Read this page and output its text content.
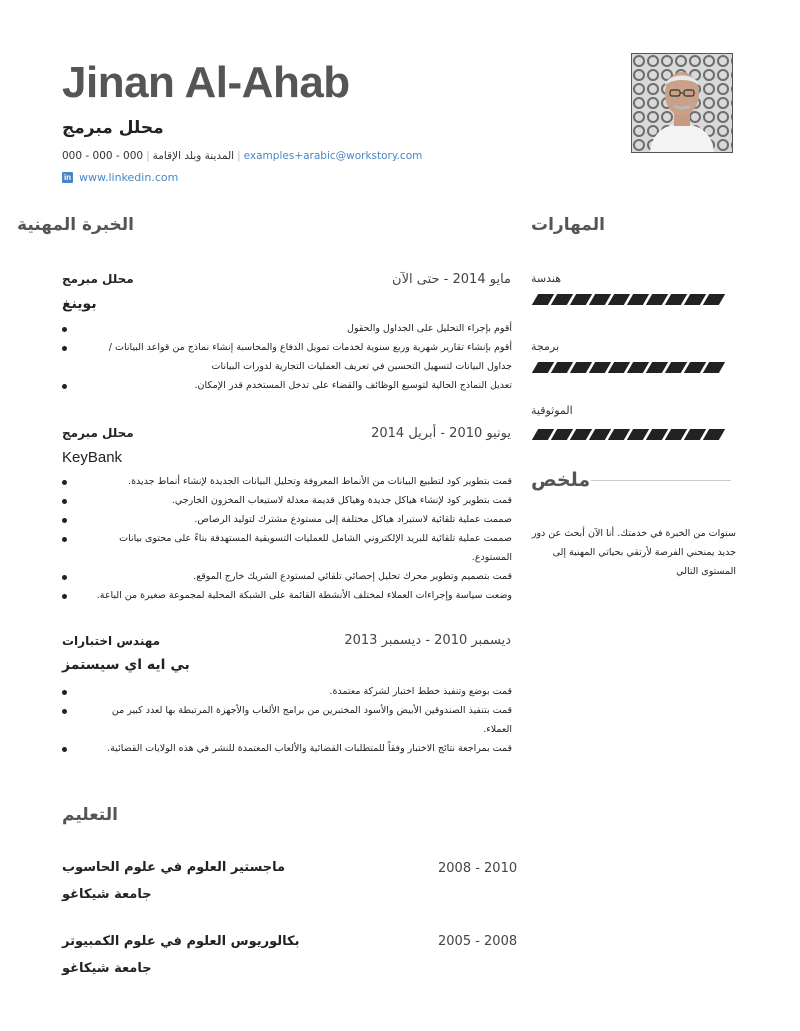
Jinan Al-Ahab
محلل مبرمج
المدينة وبلد الإقامة|000 - 000 - 000	| examples+arabic@workstory.com
in www.linkedin.com
الخبرة المهنية
مايو 2014 - حتى الآن
محلل مبرمج
بوينغ
أقوم بإجراء التحليل على الجداول والحقول
أقوم بإنشاء تقارير شهرية وربع سنوية لخدمات تمويل الدفاع والمحاسبة إنشاء نماذج من قواعد البيانات / جداول البيانات لتسهيل التحسين في تعريف العمليات التجارية لدورات البيانات
تعديل النماذج الحالية لتوسيع الوظائف والقضاء على تدخل المستخدم قدر الإمكان.
يونيو 2010 - أبريل 2014
محلل مبرمج
KeyBank
قمت بتطوير كود لتطبيع البيانات من الأنماط المعروفة وتحليل البيانات الجديدة لإنشاء أنماط جديدة.
قمت بتطوير كود لإنشاء هياكل جديدة وهياكل قديمة معدلة لاستيعاب المخزون الخارجي.
صممت عملية تلقائية لاستيراد هياكل مختلفة إلى مستودع مشترك لتوليد الرصاص.
صممت عملية تلقائية للبريد الإلكتروني الشامل للعمليات التسويقية المستهدفة بناءً على محتوى بيانات المستودع.
قمت بتصميم وتطوير محرك تحليل إحصائي تلقائي لمستودع الشريك خارج الموقع.
وضعت سياسة وإجراءات العملاء لمختلف الأنشطة القائمة على الشبكة المحلية لمجموعة صغيرة من الباعة.
ديسمبر 2010 - ديسمبر 2013
مهندس اختبارات
بي ايه اي سيستمز
قمت بوضع وتنفيذ خطط اختبار لشركة معتمدة.
قمت بتنفيذ الصندوقين الأبيض والأسود المختبرين من برامج الألعاب والأجهزة المرتبطة بها لعدد كبير من العملاء.
قمت بمراجعة نتائج الاختبار وفقاً للمتطلبات القضائية والألعاب المعتمدة للنشر في هذه الولايات القضائية.
التعليم
2008 - 2010
ماجستير العلوم في علوم الحاسوب
جامعة شيكاغو
2005 - 2008
بكالوريوس العلوم في علوم الكمبيوتر
جامعة شيكاغو
المهارات
هندسة
برمجة
الموثوقية
ملخص
سنوات من الخبرة في خدمتك. أنا الآن أبحث عن دور جديد يمنحني الفرصة لأرتقي بحياتي المهنية إلى المستوى التالي
